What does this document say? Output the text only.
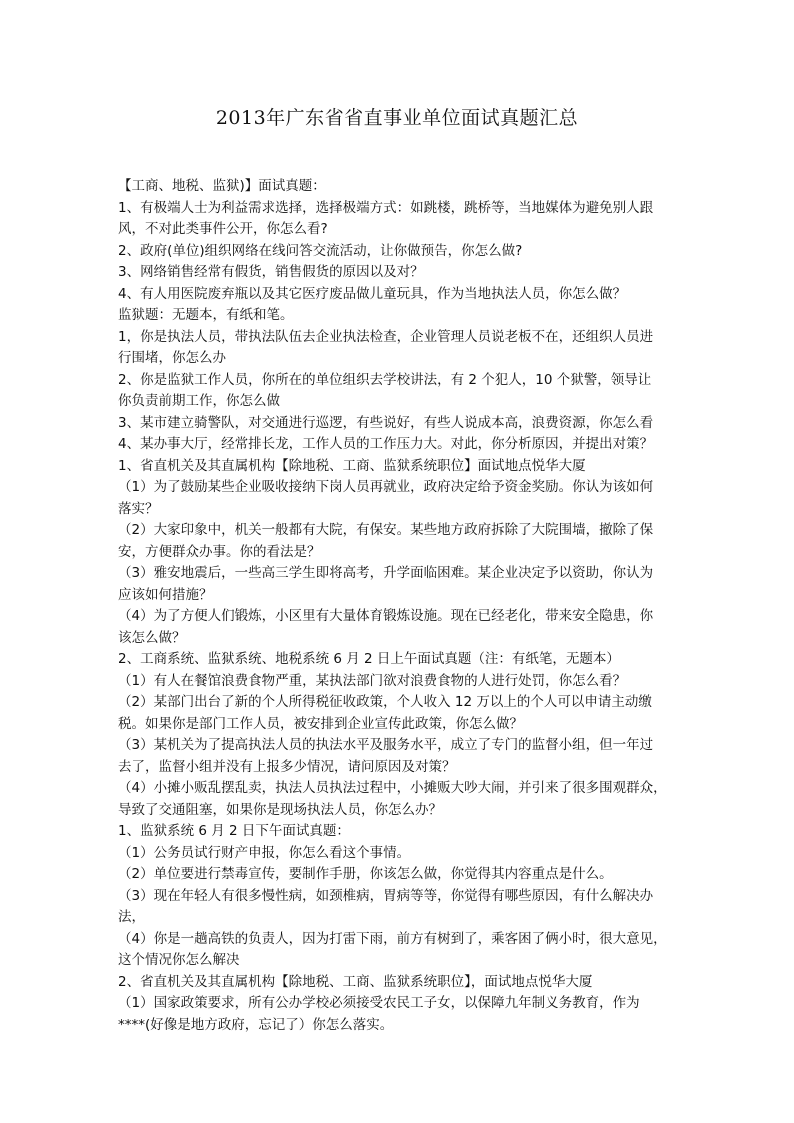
2013年广东省省直事业单位面试真题汇总
【工商、地税、监狱)】面试真题：
1、有极端人士为利益需求选择，选择极端方式：如跳楼，跳桥等，当地媒体为避免别人跟
风，不对此类事件公开，你怎么看?
2、政府(单位)组织网络在线问答交流活动，让你做预告，你怎么做?
3、网络销售经常有假货，销售假货的原因以及对？
4、有人用医院废弃瓶以及其它医疗废品做儿童玩具，作为当地执法人员，你怎么做？
监狱题：无题本，有纸和笔。
1，你是执法人员，带执法队伍去企业执法检查，企业管理人员说老板不在，还组织人员进
行围堵，你怎么办
2、你是监狱工作人员，你所在的单位组织去学校讲法，有 2 个犯人，10 个狱警，领导让
你负责前期工作，你怎么做
3、某市建立骑警队，对交通进行巡逻，有些说好，有些人说成本高，浪费资源，你怎么看
4、某办事大厅，经常排长龙，工作人员的工作压力大。对此，你分析原因，并提出对策？
1、省直机关及其直属机构【除地税、工商、监狱系统职位】面试地点悦华大厦
（1）为了鼓励某些企业吸收接纳下岗人员再就业，政府决定给予资金奖励。你认为该如何
落实？
（2）大家印象中，机关一般都有大院，有保安。某些地方政府拆除了大院围墙，撤除了保
安，方便群众办事。你的看法是？
（3）雅安地震后，一些高三学生即将高考，升学面临困难。某企业决定予以资助，你认为
应该如何措施？
（4）为了方便人们锻炼，小区里有大量体育锻炼设施。现在已经老化，带来安全隐患，你
该怎么做？
2、工商系统、监狱系统、地税系统 6 月 2 日上午面试真题（注：有纸笔，无题本）
（1）有人在餐馆浪费食物严重，某执法部门欲对浪费食物的人进行处罚，你怎么看？
（2）某部门出台了新的个人所得税征收政策，个人收入 12 万以上的个人可以申请主动缴
税。如果你是部门工作人员，被安排到企业宣传此政策，你怎么做？
（3）某机关为了提高执法人员的执法水平及服务水平，成立了专门的监督小组，但一年过
去了，监督小组并没有上报多少情况，请问原因及对策？
（4）小摊小贩乱摆乱卖，执法人员执法过程中，小摊贩大吵大闹，并引来了很多围观群众，
导致了交通阻塞，如果你是现场执法人员，你怎么办？
1、监狱系统 6 月 2 日下午面试真题：
（1）公务员试行财产申报，你怎么看这个事情。
（2）单位要进行禁毒宣传，要制作手册，你该怎么做，你觉得其内容重点是什么。
（3）现在年轻人有很多慢性病，如颈椎病，胃病等等，你觉得有哪些原因，有什么解决办
法，
（4）你是一趟高铁的负责人，因为打雷下雨，前方有树到了，乘客困了俩小时，很大意见，
这个情况你怎么解决
2、省直机关及其直属机构【除地税、工商、监狱系统职位】，面试地点悦华大厦
（1）国家政策要求，所有公办学校必须接受农民工子女，以保障九年制义务教育，作为
****(好像是地方政府，忘记了）你怎么落实。
